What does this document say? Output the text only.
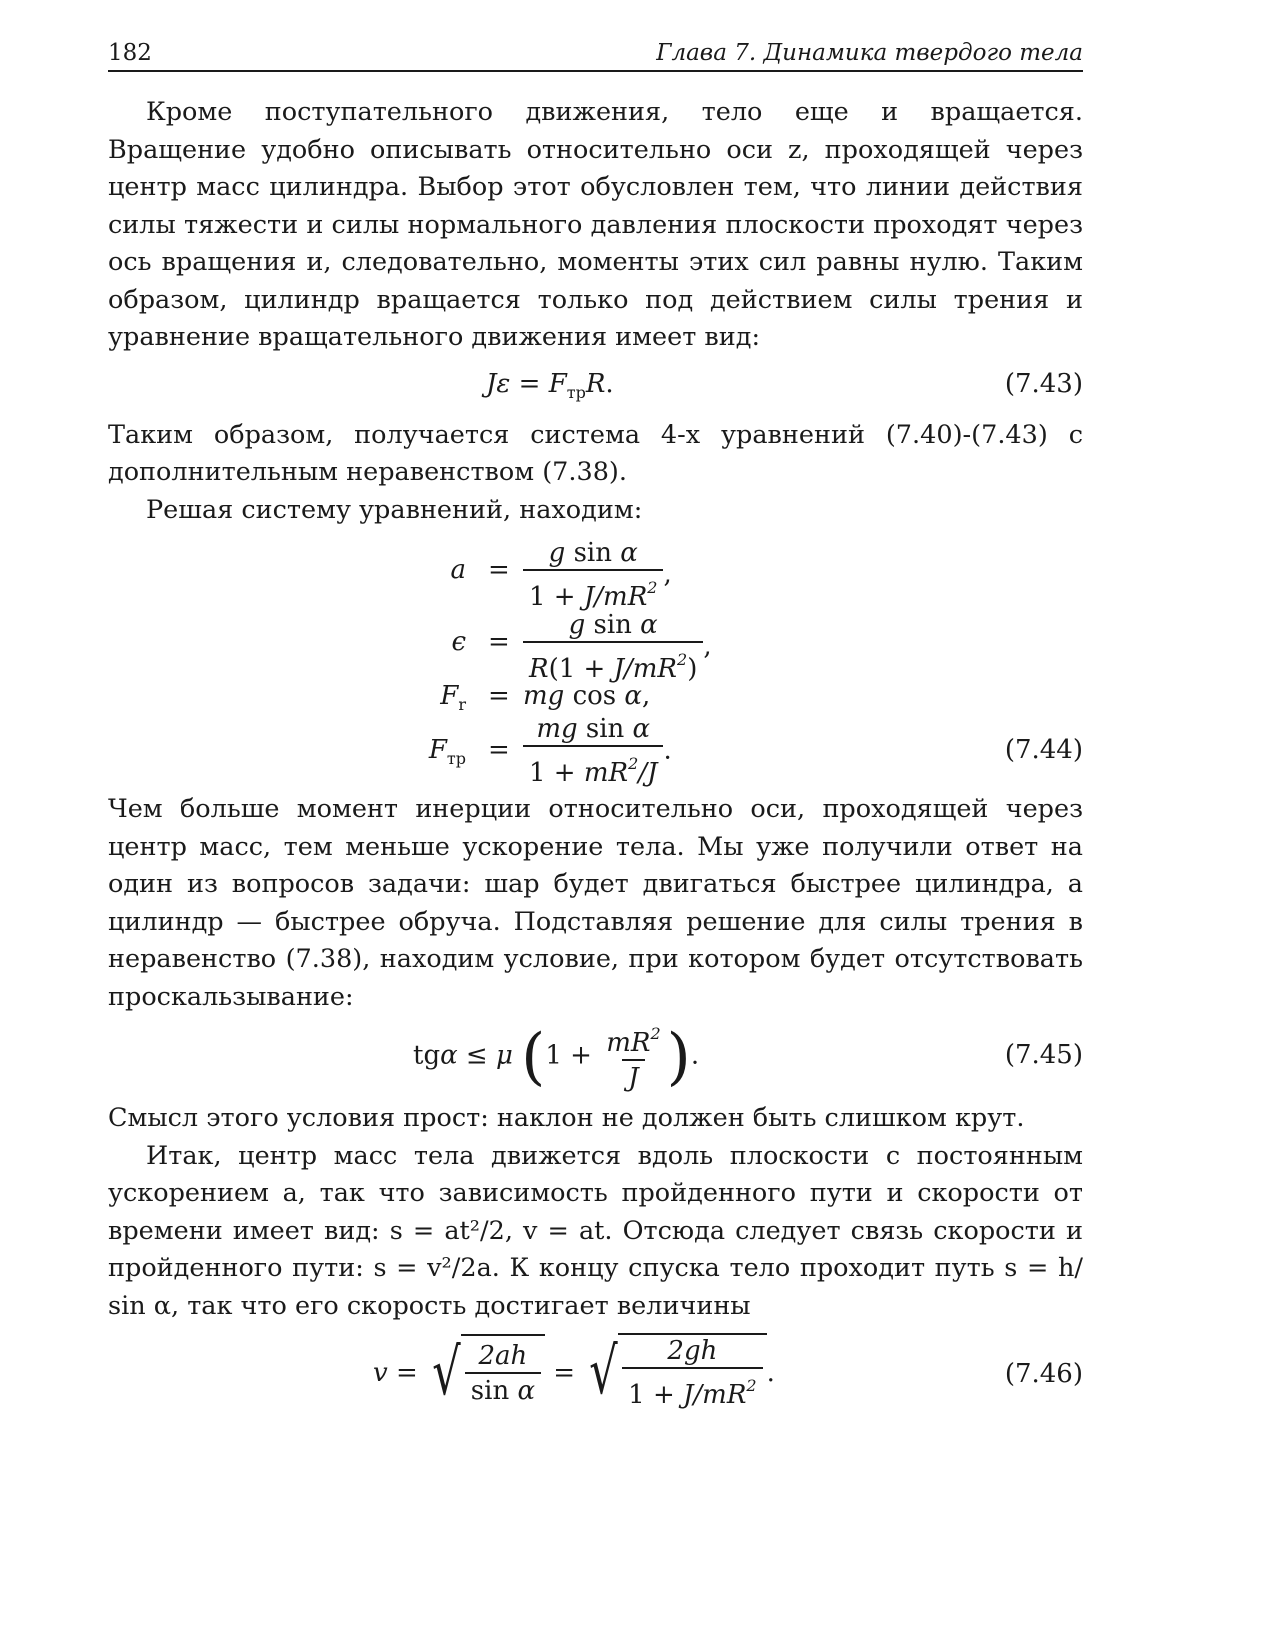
182	Глава 7. Динамика твердого тела

Кроме поступательного движения, тело еще и вращается. Вращение удобно описывать относительно оси z, проходящей через центр масс цилиндра. Выбор этот обусловлен тем, что линии действия силы тяжести и силы нормального давления плоскости проходят через ось вращения и, следовательно, моменты этих сил равны нулю. Таким образом, цилиндр вращается только под действием силы трения и уравнение вращательного движения имеет вид:

$J\varepsilon = F_{тр}R$.	(7.43)

Таким образом, получается система 4-х уравнений (7.40)-(7.43) с дополнительным неравенством (7.38).

Решая систему уравнений, находим:

$a = \frac{\text{g sin α}}{1 + J/mR^2}$ ,
$\epsilon = \frac{\text{g sin α}}{R(1 + J/mR^2)}$ ,
$F_r$ = mg cos α,
$F_{тр} = \frac{\text{mg sin α}}{1 + mR^2/J}$ .	(7.44)

Чем больше момент инерции относительно оси, проходящей через центр масс, тем меньше ускорение тела. Мы уже получили ответ на один из вопросов задачи: шар будет двигаться быстрее цилиндра, а цилиндр — быстрее обруча. Подставляя решение для силы трения в неравенство (7.38), находим условие, при котором будет отсутствовать проскальзывание:

tgα ≤ μ ($1 + \frac{mR^2}{J}$ ).	(7.45)

Смысл этого условия прост: наклон не должен быть слишком крут.

Итак, центр масс тела движется вдоль плоскости с постоянным ускорением a, так что зависимость пройденного пути и скорости от времени имеет вид: s = at²/2, v = at. Отсюда следует связь скорости и пройденного пути: s = v²/2a. К концу спуска тело проходит путь s = h/ sin α, так что его скорость достигает величины

v = √ $\frac{2ah}{\text{sin α}}$ = √ $\frac{2gh}{1 + J/mR^2}$ .	(7.46)
